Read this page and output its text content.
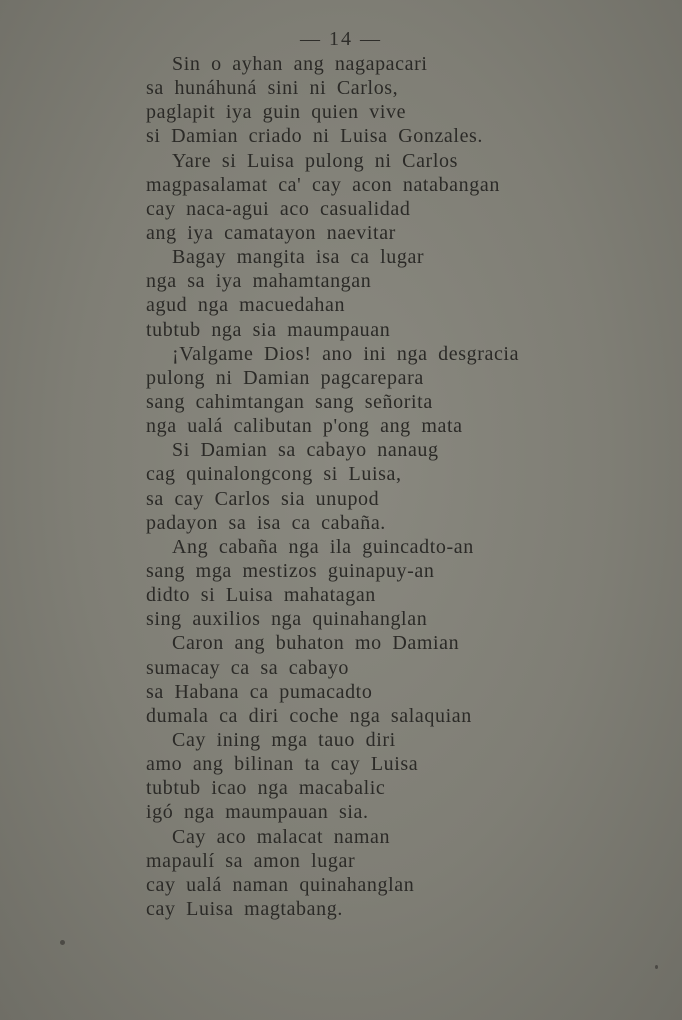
— 14 —
Sin o ayhan ang nagapacari
sa hunáhuná sini ni Carlos,
paglapit iya guin quien vive
si Damian criado ni Luisa Gonzales.
Yare si Luisa pulong ni Carlos
magpasalamat ca' cay acon natabangan
cay naca-agui aco casualidad
ang iya camatayon naevitar
Bagay mangita isa ca lugar
nga sa iya mahamtangan
agud nga macuedahan
tubtub nga sia maumpauan
¡Valgame Dios! ano ini nga desgracia
pulong ni Damian pagcarepara
sang cahimtangan sang señorita
nga ualá calibutan p'ong ang mata
Si Damian sa cabayo nanaug
cag quinalongcong si Luisa,
sa cay Carlos sia unupod
padayon sa isa ca cabaña.
Ang cabaña nga ila guincadto-an
sang mga mestizos guinapuy-an
didto si Luisa mahatagan
sing auxilios nga quinahanglan
Caron ang buhaton mo Damian
sumacay ca sa cabayo
sa Habana ca pumacadto
dumala ca diri coche nga salaquian
Cay ining mga tauo diri
amo ang bilinan ta cay Luisa
tubtub icao nga macabalic
igó nga maumpauan sia.
Cay aco malacat naman
mapaulí sa amon lugar
cay ualá naman quinahanglan
cay Luisa magtabang.
